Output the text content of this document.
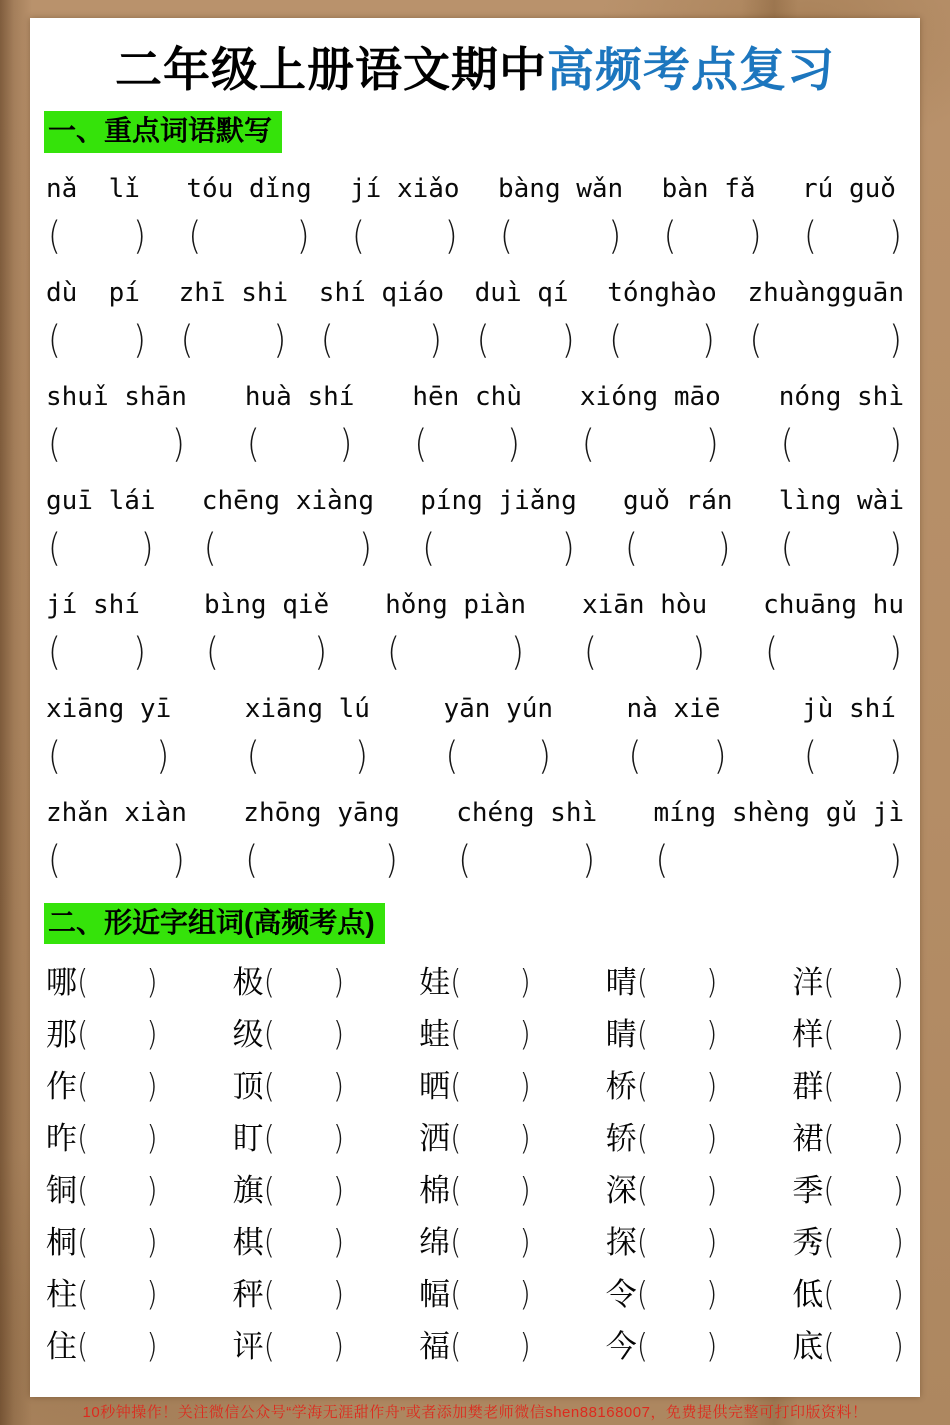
二年级上册语文期中高频考点复习
一、重点词语默写
nǎ  lǐ
( )
tóu dǐng
(	)
jí xiǎo
( )
bàng wǎn
(	)
bàn fǎ
( )
rú guǒ
( )
dù  pí
( )
zhī shi
( )
shí qiáo
(	)
duì qí
( )
tónghào
( )
zhuàngguān
(	)
shuǐ shān
(	)
huà shí
( )
hēn chù
( )
xióng māo
(	)
nóng shì
(	)
guī lái
( )
chēng xiàng
(	)
píng jiǎng
(	)
guǒ rán
( )
lìng wài
(	)
jí shí
( )
bìng qiě
(	)
hǒng piàn
(	)
xiān hòu
(	)
chuāng hu
(	)
xiāng yī
(	)
xiāng lú
(	)
yān yún
( )
nà xiē
( )
jù shí
( )
zhǎn xiàn
(	)
zhōng yāng
(	)
chéng shì
(	)
míng shèng gǔ jì
(	)
二、形近字组词(高频考点)
哪 ( ) 极 ( ) 娃 ( ) 晴 ( ) 洋 ( )
那 ( ) 级 ( ) 蛙 ( ) 睛 ( ) 样 ( )
作 ( ) 顶 ( ) 晒 ( ) 桥 ( ) 群 ( )
昨 ( ) 盯 ( ) 洒 ( ) 轿 ( ) 裙 ( )
铜 ( ) 旗 ( ) 棉 ( ) 深 ( ) 季 ( )
桐 ( ) 棋 ( ) 绵 ( ) 探 ( ) 秀 ( )
柱 ( ) 秤 ( ) 幅 ( ) 令 ( ) 低 ( )
住 ( ) 评 ( ) 福 ( ) 今 ( ) 底 ( )
10秒钟操作！关注微信公众号“学海无涯甜作舟”或者添加樊老师微信shen88168007，免费提供完整可打印版资料！
